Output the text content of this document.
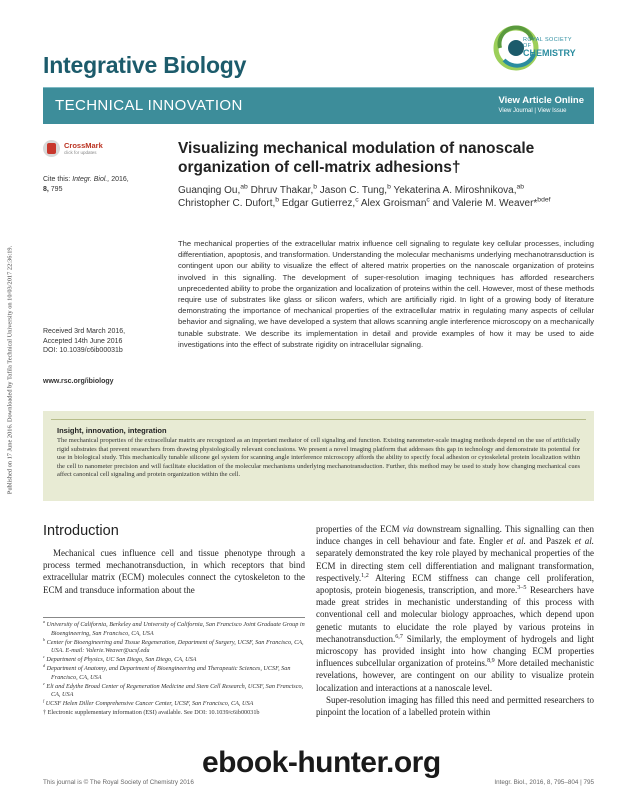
Published on 17 June 2016. Downloaded by Tafila Technical University on 10/03/2017 22:36:19.
Integrative Biology
ROYAL SOCIETY
OF
CHEMISTRY
TECHNICAL INNOVATION	View Article Online
View Journal | View Issue
CrossMark
click for updates
Cite this: Integr. Biol., 2016,
8, 795
Received 3rd March 2016,
Accepted 14th June 2016
DOI: 10.1039/c6ib00031b
www.rsc.org/ibiology
Visualizing mechanical modulation of nanoscale organization of cell-matrix adhesions†
Guanqing Ou,$^{ab}$ Dhruv Thakar,$^b$ Jason C. Tung,$^b$ Yekaterina A. Miroshnikova,$^{ab}$ Christopher C. Dufort,$^b$ Edgar Gutierrez,$^c$ Alex Groisman$^c$ and Valerie M. Weaver*$^{bdef}$
The mechanical properties of the extracellular matrix influence cell signaling to regulate key cellular processes, including differentiation, apoptosis, and transformation. Understanding the molecular mechanisms underlying mechanotransduction is contingent upon our ability to visualize the effect of altered matrix properties on the nanoscale organization of proteins involved in this signalling. The development of super-resolution imaging techniques has afforded researchers unprecedented ability to probe the organization and localization of proteins within the cell. However, most of these methods require use of substrates like glass or silicon wafers, which are artificially rigid. In light of a growing body of literature demonstrating the importance of mechanical properties of the extracellular matrix in regulating many aspects of cellular behavior and signaling, we have developed a system that allows scanning angle interference microscopy on a mechanically tunable substrate. We describe its implementation in detail and provide examples of how it may be used to aide investigations into the effect of substrate rigidity on intracellular signaling.
Insight, innovation, integration
The mechanical properties of the extracellular matrix are recognized as an important mediator of cell signaling and function. Existing nanometer-scale imaging methods depend on the use of artificially rigid substrates that prevent researchers from drawing physiologically relevant conclusions. We present a novel imaging platform that addresses this gap in technology and demonstrate its potential for use in biological study. This mechanically tunable silicone gel system for scanning angle interference microscopy affords the ability to specify focal adhesion or cytoskeletal protein localization within the cell to nanometer precision and will facilitate elucidation of the molecular mechanisms underlying mechanotransduction. Further, this method may be used to study how changing mechanical cues affect canonical cell signaling and protein organization within the cell.
Introduction

Mechanical cues influence cell and tissue phenotype through a process termed mechanotransduction, in which receptors that bind extracellular matrix (ECM) molecules connect the cytoskeleton to the ECM and transduce information about the

properties of the ECM via downstream signalling. This signalling can then induce changes in cell behaviour and fate. Engler et al. and Paszek et al. separately demonstrated the key role played by mechanical properties of the ECM in directing stem cell differentiation and malignant transformation, respectively.$^{1,2}$ Altering ECM stiffness can change cell proliferation, apoptosis, protein biogenesis, transcription, and more.$^{3-5}$ Researchers have made great strides in mechanistic understanding of this process with conventional cell and molecular biology approaches, which depend upon genetic mutants to elucidate the role played by various proteins in mechanotransduction.$^{6,7}$ Similarly, the employment of hydrogels and light microscopy has provided insight into how changing ECM properties influences subcellular organization of proteins.$^{8,9}$ More detailed mechanistic revelations, however, are contingent on our ability to visualize protein localization and interactions at a nanoscale level.

Super-resolution imaging has filled this need and permitted researchers to pinpoint the location of a labelled protein within

$^a$ University of California, Berkeley and University of California, San Francisco Joint Graduate Group in Bioengineering, San Francisco, CA, USA

$^b$ Center for Bioengineering and Tissue Regeneration, Department of Surgery, UCSF, San Francisco, CA, USA. E-mail: Valerie.Weaver@ucsf.edu

$^c$ Department of Physics, UC San Diego, San Diego, CA, USA

$^d$ Department of Anatomy, and Department of Bioengineering and Therapeutic Sciences, UCSF, San Francisco, CA, USA

$^e$ Eli and Edythe Broad Center of Regeneration Medicine and Stem Cell Research, UCSF, San Francisco, CA, USA

$^f$ UCSF Helen Diller Comprehensive Cancer Center, UCSF, San Francisco, CA, USA

† Electronic supplementary information (ESI) available. See DOI: 10.1039/c6ib00031b

This journal is © The Royal Society of Chemistry 2016	Integr. Biol., 2016, 8, 795–804 | 795
ebook-hunter.org
